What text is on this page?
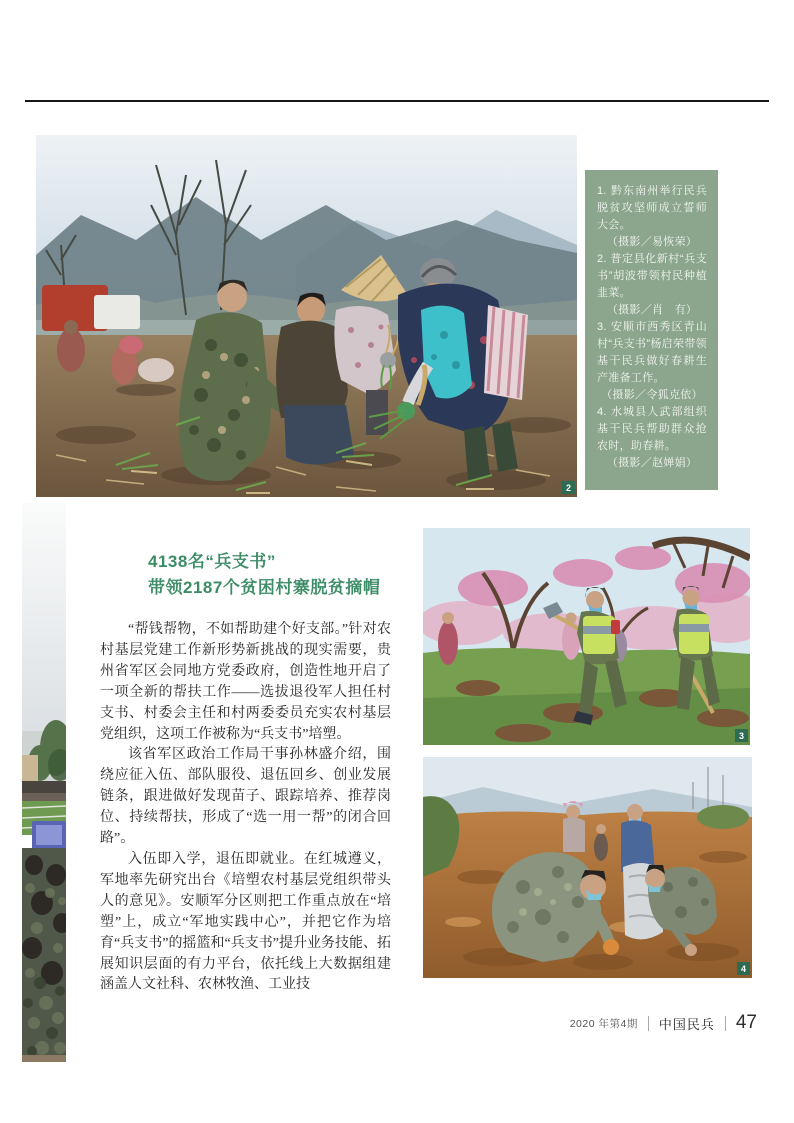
2
1. 黔东南州举行民兵脱贫攻坚师成立誓师大会。
（摄影／易恢荣）
2. 普定县化新村“兵支书”胡波带领村民种植韭菜。
（摄影／肖　有）
3. 安顺市西秀区青山村“兵支书”杨启荣带领基干民兵做好春耕生产准备工作。
（摄影／令狐克依）
4. 水城县人武部组织基干民兵帮助群众抢农时，助春耕。
（摄影／赵婵娟）
4138名“兵支书”
带领2187个贫困村寨脱贫摘帽

“帮钱帮物，不如帮助建个好支部。”针对农村基层党建工作新形势新挑战的现实需要，贵州省军区会同地方党委政府，创造性地开启了一项全新的帮扶工作——选拔退役军人担任村支书、村委会主任和村两委委员充实农村基层党组织，这项工作被称为“兵支书”培塑。

该省军区政治工作局干事孙林盛介绍，围绕应征入伍、部队服役、退伍回乡、创业发展链条，跟进做好发现苗子、跟踪培养、推荐岗位、持续帮扶，形成了“选一用一帮”的闭合回路”。

入伍即入学，退伍即就业。在红城遵义，军地率先研究出台《培塑农村基层党组织带头人的意见》。安顺军分区则把工作重点放在“培塑”上，成立“军地实践中心”，并把它作为培育“兵支书”的摇篮和“兵支书”提升业务技能、拓展知识层面的有力平台，依托线上大数据组建涵盖人文社科、农林牧渔、工业技

3
4
2020 年第4期 中国民兵 47
